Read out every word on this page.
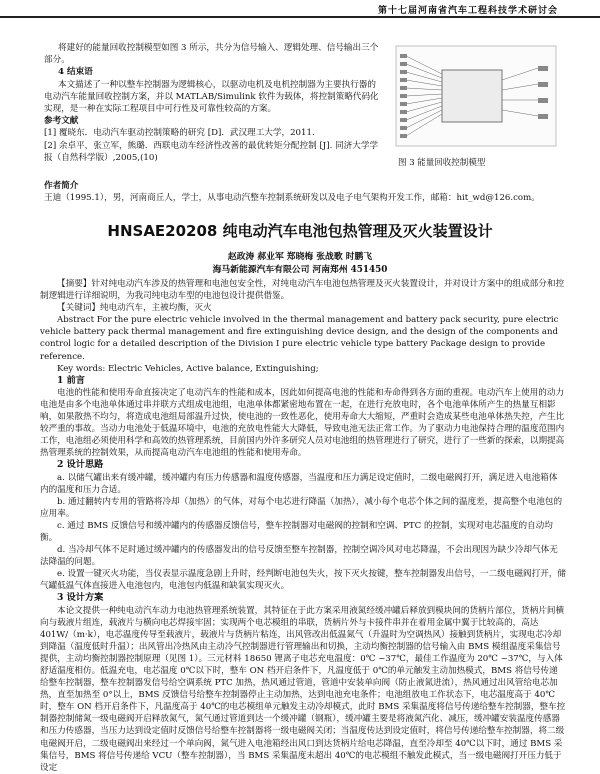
第十七届河南省汽车工程科技学术研讨会

将建好的能量回收控制模型如图 3 所示，共分为信号输入、逻辑处理、信号输出三个部分。

4 结束语

本文描述了一种以整车控制器为逻辑核心，以驱动电机及电机控制器为主要执行器的电动汽车能量回收控制方案，并以 MATLAB/Simulink 软件为载体，将控制策略代码化实现，是一种在实际工程项目中可行性及可靠性较高的方案。

参考文献

[1] 覆晓东．电动汽车驱动控制策略的研究 [D]．武汉理工大学，2011.

[2] 余卓平，张立军，熊璐．西联电动车经济性改善的最优转矩分配控制 [J]. 同济大学学报（自然科学版）,2005,(10)

图 3 能量回收控制模型
作者简介
王迪（1995.1），男，河南商丘人，学士，从事电动汽整车控制系统研发以及电子电气架构开发工作，邮箱：hit_wd@126.com。
HNSAE20208 纯电动汽车电池包热管理及灭火装置设计
赵政涛 郝业军 郑晓梅 张战歌 时鹏飞
海马新能源汽车有限公司 河南郑州 451450

【摘要】针对纯电动汽车涉及的热管理和电池包安全性，对纯电动汽车电池包热管理及灭火装置设计，并对设计方案中的组成部分和控制逻辑进行详细说明，为我司纯电动车型的电池包设计提供借鉴。

【关键词】纯电动汽车，主被均衡，灭火

Abstract For the pure electric vehicle involved in the thermal management and battery pack security, pure electric vehicle battery pack thermal management and fire extinguishing device design, and the design of the components and control logic for a detailed description of the Division I pure electric vehicle type battery Package design to provide reference.

Key words: Electric Vehicles, Active balance, Extinguishing;

1 前言

电池的性能和使用寿命直接决定了电动汽车的性能和成本，因此如何提高电池的性能和寿命得到各方面的重视。电动汽车上使用的动力电池是由多个电池单体通过串并联方式组成电池组，电池单体都紧密地布置在一起，在进行充放电时，各个电池单体所产生的热量互相影响，如果散热不均匀，将造成电池组局部温升过快，使电池的一致性恶化，使用寿命大大缩短，严重时会造成某些电池单体热失控，产生比较严重的事故。当动力电池处于低温环境中，电池的充放电性能大大降低，导致电池无法正常工作。为了驱动力电池保持合理的温度范围内工作，电池组必须使用科学和高效的热管理系统，目前国内外许多研究人员对电池组的热管理进行了研究，进行了一些新的探索，以期提高热管理系统的控制效果，从而提高电动汽车电池组的性能和使用寿命。

2 设计思路

a. 以储气罐出来有缓冲罐，缓冲罐内有压力传感器和温度传感器，当温度和压力满足设定值时，二级电磁阀打开，满足进入电池箱体内的温度和压力合适。

b. 通过翻转内专用的管路将冷却（加热）的气体，对每个电芯进行降温（加热），减小每个电芯个体之间的温度差，提高整个电池包的应用率。

c. 通过 BMS 反馈信号和缓冲罐内的传感器反馈信号，整车控制器对电磁阀的控制和空调、PTC 的控制，实现对电芯温度的自动均衡。

d. 当冷却气体不足时通过缓冲罐内的传感器发出的信号反馈至整车控制器，控制空调冷风对电芯降温，不会出现因为缺少冷却气体无法降温的问题。

e. 设置一键灭火功能，当仪表显示温度急剧上升时，经判断电池包失火，按下灭火按键，整车控制器发出信号，一二级电磁阀打开，储气罐低温气体直接进入电池包内，电池包内低温和缺氧实现灭火。

3 设计方案

本论文提供一种纯电动汽车动力电池热管理系统装置，其特征在于此方案采用液氮经缓冲罐后释放到模块间的货柄片部位，货柄片间横向与载液片组连，载液片与横向电芯焊接牢固；实现两个电芯模组的串联，货柄片外与卡接件串并在着用金属中翼于比较高的，高达 401W/（m·k），电芯温度传导至载液片，载液片与货柄片粘连，出风管改出低温氮气（升温时为空调热风）接触到货柄片，实现电芯冷却到降温（温度低时升温）；出风管出冷热风由主动冷气控制器进行管理输出和切换，主动均衡控制器的信号输入由 BMS 模组温度采集信号提供，主动均衡控制器控制原理（见图 1）。三元材料 18650 锂离子电芯充电温度：0℃ ~37℃，最佳工作温度为 20℃ ~37℃，与入体舒适温度相仿。低温充电，电芯温度 0℃以下时，整车 ON 档开启条件下，凡温度低于 0℃的单元触发主动加热模式，BMS 将信号传递给整车控制器，整车控制器发信号给空调系统 PTC 加热，热风通过管道，管道中安装单向阀（防止液氮进流），热风通过出风管给电芯加热，直至加热至 0°以上，BMS 反馈信号给整车控制器停止主动加热，达到电池充电条件；电池组放电工作状态下，电芯温度高于 40℃时，整车 ON 档开启条件下，凡温度高于 40℃的电芯模组单元触发主动冷却模式，此时 BMS 采集温度将信号传递给整车控制器，整车控制器控制储氮一级电磁阀开启释放氮气，氮气通过管道到达一个缓冲罐（钢瓶），缓冲罐主要是将液氮汽化、减压，缓冲罐安装温度传感器和压力传感器，当压力达到设定值时反馈信号给整车控制器将一级电磁阀关闭；当温度传达到设定值时，将信号传递给整车控制器，将二级电磁阀开启，二级电磁阀出来经过一个单向阀，氮气进入电池箱经出风口到达货柄片给电芯降温，直至冷却至 40℃以下时，通过 BMS 采集信号，BMS 将信号传递给 VCU（整车控制器），当 BMS 采集温度未超出 40℃的电芯模组不触发此模式，当一级电磁阀打开压力低于设定
